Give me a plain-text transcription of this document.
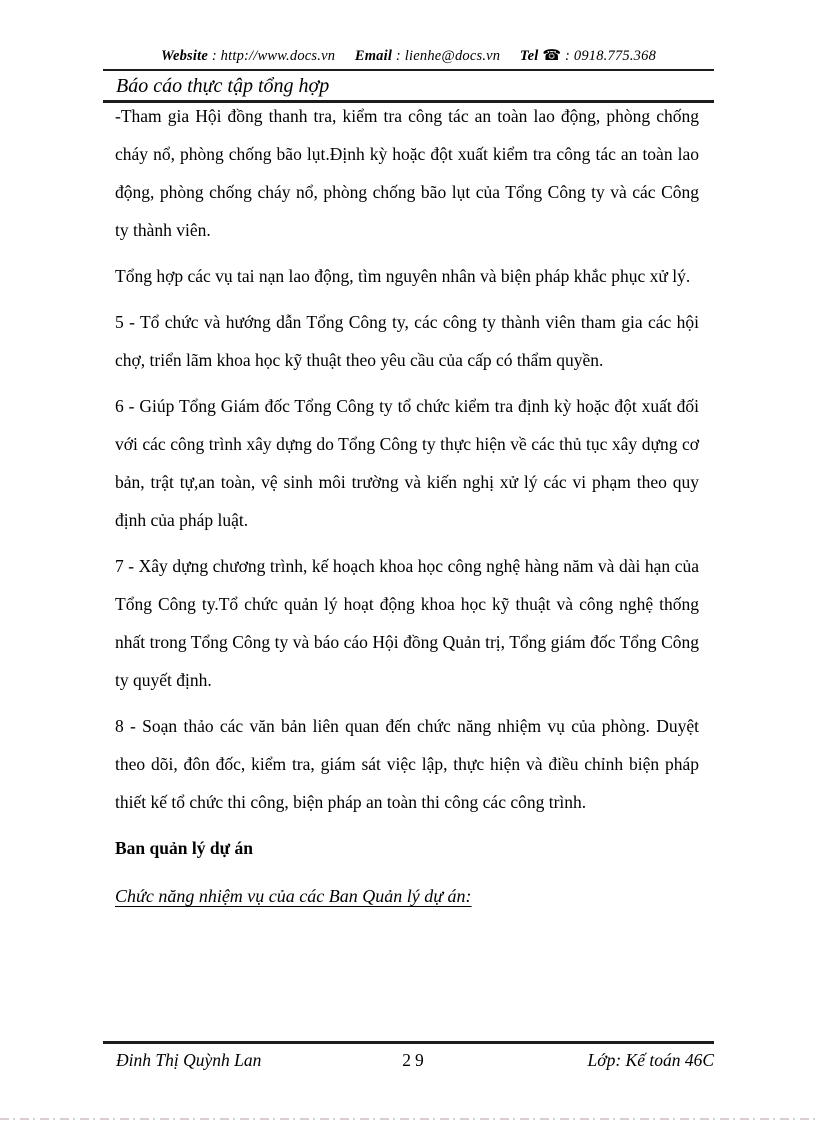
Website : http://www.docs.vn Email : lienhe@docs.vn Tel ☎ : 0918.775.368
Báo cáo thực tập tổng hợp

-Tham gia Hội đồng thanh tra, kiểm tra công tác an toàn lao động, phòng chống cháy nổ, phòng chống bão lụt.Định kỳ hoặc đột xuất kiểm tra công tác an toàn lao động, phòng chống cháy nổ, phòng chống bão lụt của Tổng Công ty và các Công ty thành viên.

Tổng hợp các vụ tai nạn lao động, tìm nguyên nhân và biện pháp khắc phục xử lý.

5 - Tổ chức và hướng dẫn Tổng Công ty, các công ty thành viên tham gia các hội chợ, triển lãm khoa học kỹ thuật theo yêu cầu của cấp có thẩm quyền.

6 - Giúp Tổng Giám đốc Tổng Công ty tổ chức kiểm tra định kỳ hoặc đột xuất đối với các công trình xây dựng do Tổng Công ty thực hiện về các thủ tục xây dựng cơ bản, trật tự,an toàn, vệ sinh môi trường và kiến nghị xử lý các vi phạm theo quy định của pháp luật.

7 - Xây dựng chương trình, kế hoạch khoa học công nghệ hàng năm và dài hạn của Tổng Công ty.Tổ chức quản lý hoạt động khoa học kỹ thuật và công nghệ thống nhất trong Tổng Công ty và báo cáo Hội đồng Quản trị, Tổng giám đốc Tổng Công ty quyết định.

8 - Soạn thảo các văn bản liên quan đến chức năng nhiệm vụ của phòng. Duyệt theo dõi, đôn đốc, kiểm tra, giám sát việc lập, thực hiện và điều chỉnh biện pháp thiết kế tổ chức thi công, biện pháp an toàn thi công các công trình.

Ban quản lý dự án

Chức năng nhiệm vụ của các Ban Quản lý dự án:

Đinh Thị Quỳnh Lan	29	Lớp: Kế toán 46C
